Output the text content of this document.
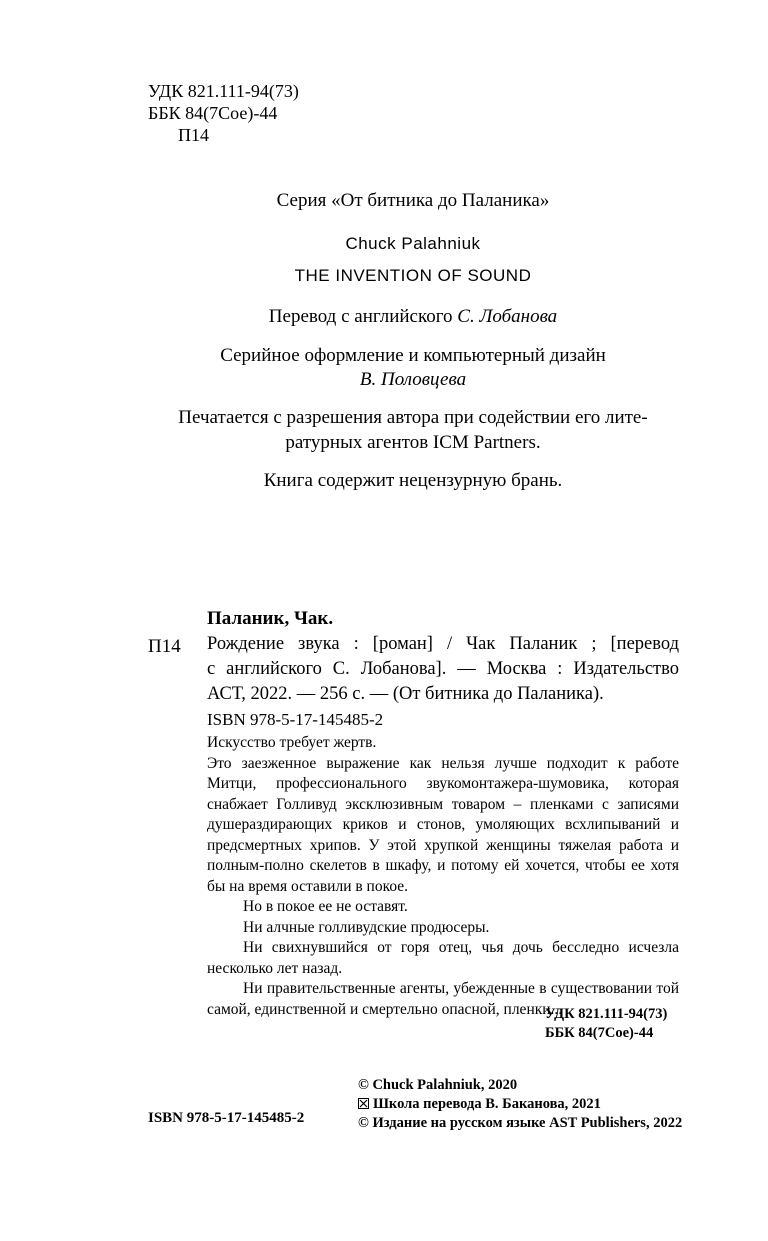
УДК 821.111-94(73)
ББК 84(7Сое)-44
П14
Серия «От битника до Паланика»
Chuck Palahniuk
THE INVENTION OF SOUND
Перевод с английского С. Лобанова
Серийное оформление и компьютерный дизайн
В. Половцева
Печатается с разрешения автора при содействии его лите-
ратурных агентов ICM Partners.
Книга содержит нецензурную брань.
Паланик, Чак.
П14 Рождение звука : [роман] / Чак Паланик ; [перевод
с английского С. Лобанова]. — Москва : Издательство
АСТ, 2022. — 256 с. — (От битника до Паланика).
ISBN 978-5-17-145485-2

Искусство требует жертв.

Это заезженное выражение как нельзя лучше подходит к работе Митци, профессионального звукомонтажера-шумовика, которая снабжает Голливуд эксклюзивным товаром – пленками с записями душераздирающих криков и стонов, умоляющих всхлипываний и предсмертных хрипов. У этой хрупкой женщины тяжелая работа и полным-полно скелетов в шкафу, и потому ей хочется, чтобы ее хотя бы на время оставили в покое.

Но в покое ее не оставят.

Ни алчные голливудские продюсеры.

Ни свихнувшийся от горя отец, чья дочь бесследно исчезла несколько лет назад.

Ни правительственные агенты, убежденные в существовании той самой, единственной и смертельно опасной, пленки...

УДК 821.111-94(73)
ББК 84(7Сое)-44
© Chuck Palahniuk, 2020
Школа перевода В. Баканова, 2021
© Издание на русском языке AST Publishers, 2022
ISBN 978-5-17-145485-2
